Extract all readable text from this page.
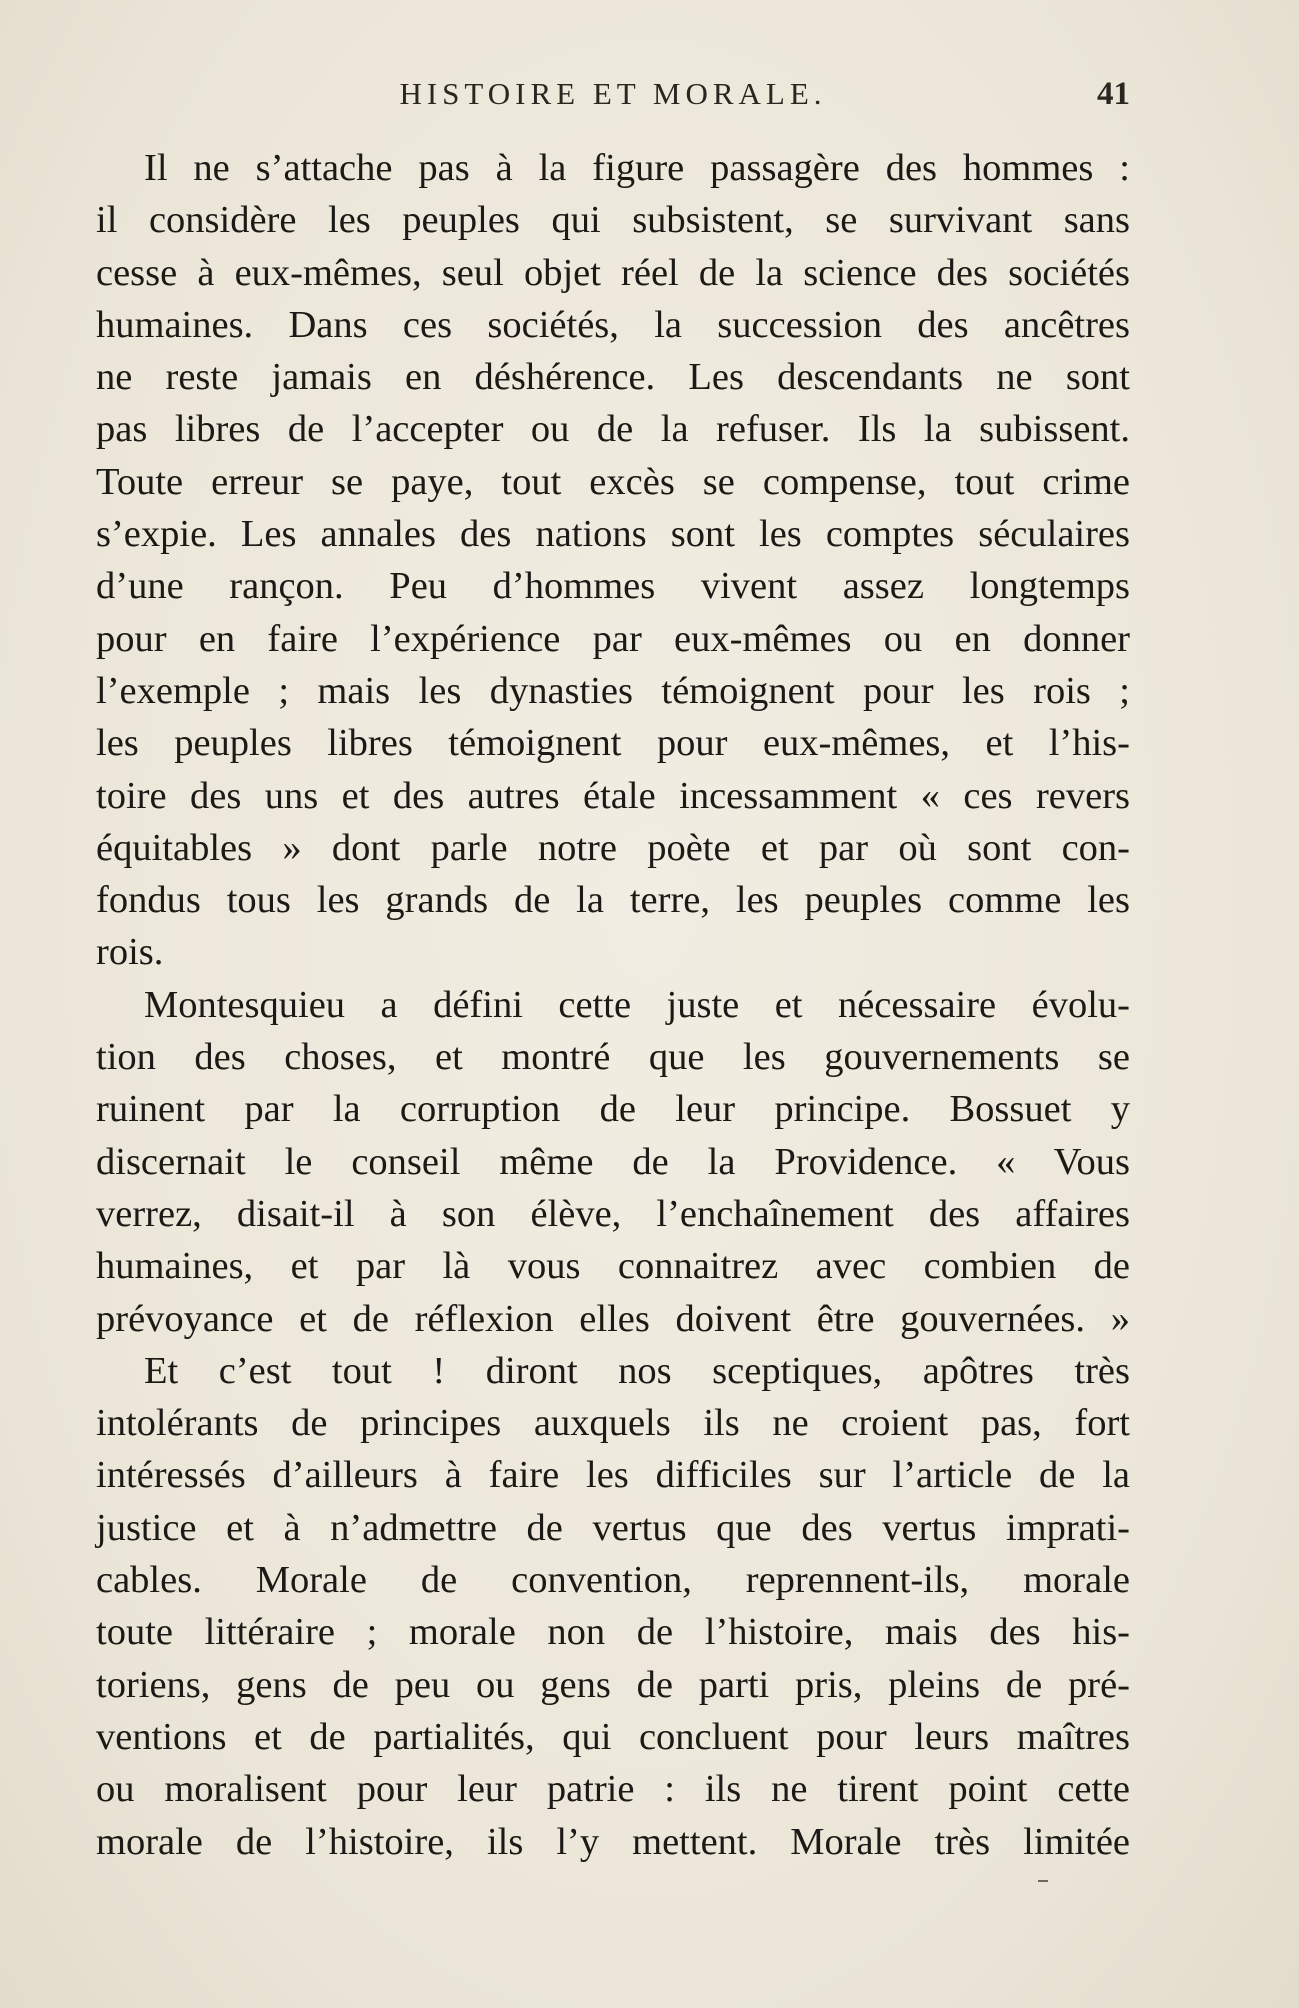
HISTOIRE ET MORALE.	41
Il ne s’attache pas à la figure passagère des hommes :
il considère les peuples qui subsistent, se survivant sans
cesse à eux-mêmes, seul objet réel de la science des sociétés
humaines. Dans ces sociétés, la succession des ancêtres
ne reste jamais en déshérence. Les descendants ne sont
pas libres de l’accepter ou de la refuser. Ils la subissent.
Toute erreur se paye, tout excès se compense, tout crime
s’expie. Les annales des nations sont les comptes séculaires
d’une rançon. Peu d’hommes vivent assez longtemps
pour en faire l’expérience par eux-mêmes ou en donner
l’exemple ; mais les dynasties témoignent pour les rois ;
les peuples libres témoignent pour eux-mêmes, et l’his-
toire des uns et des autres étale incessamment « ces revers
équitables » dont parle notre poète et par où sont con-
fondus tous les grands de la terre, les peuples comme les
rois.
Montesquieu a défini cette juste et nécessaire évolu-
tion des choses, et montré que les gouvernements se
ruinent par la corruption de leur principe. Bossuet y
discernait le conseil même de la Providence. « Vous
verrez, disait-il à son élève, l’enchaînement des affaires
humaines, et par là vous connaitrez avec combien de
prévoyance et de réflexion elles doivent être gouvernées. »
Et c’est tout ! diront nos sceptiques, apôtres très
intolérants de principes auxquels ils ne croient pas, fort
intéressés d’ailleurs à faire les difficiles sur l’article de la
justice et à n’admettre de vertus que des vertus imprati-
cables. Morale de convention, reprennent-ils, morale
toute littéraire ; morale non de l’histoire, mais des his-
toriens, gens de peu ou gens de parti pris, pleins de pré-
ventions et de partialités, qui concluent pour leurs maîtres
ou moralisent pour leur patrie : ils ne tirent point cette
morale de l’histoire, ils l’y mettent. Morale très limitée
